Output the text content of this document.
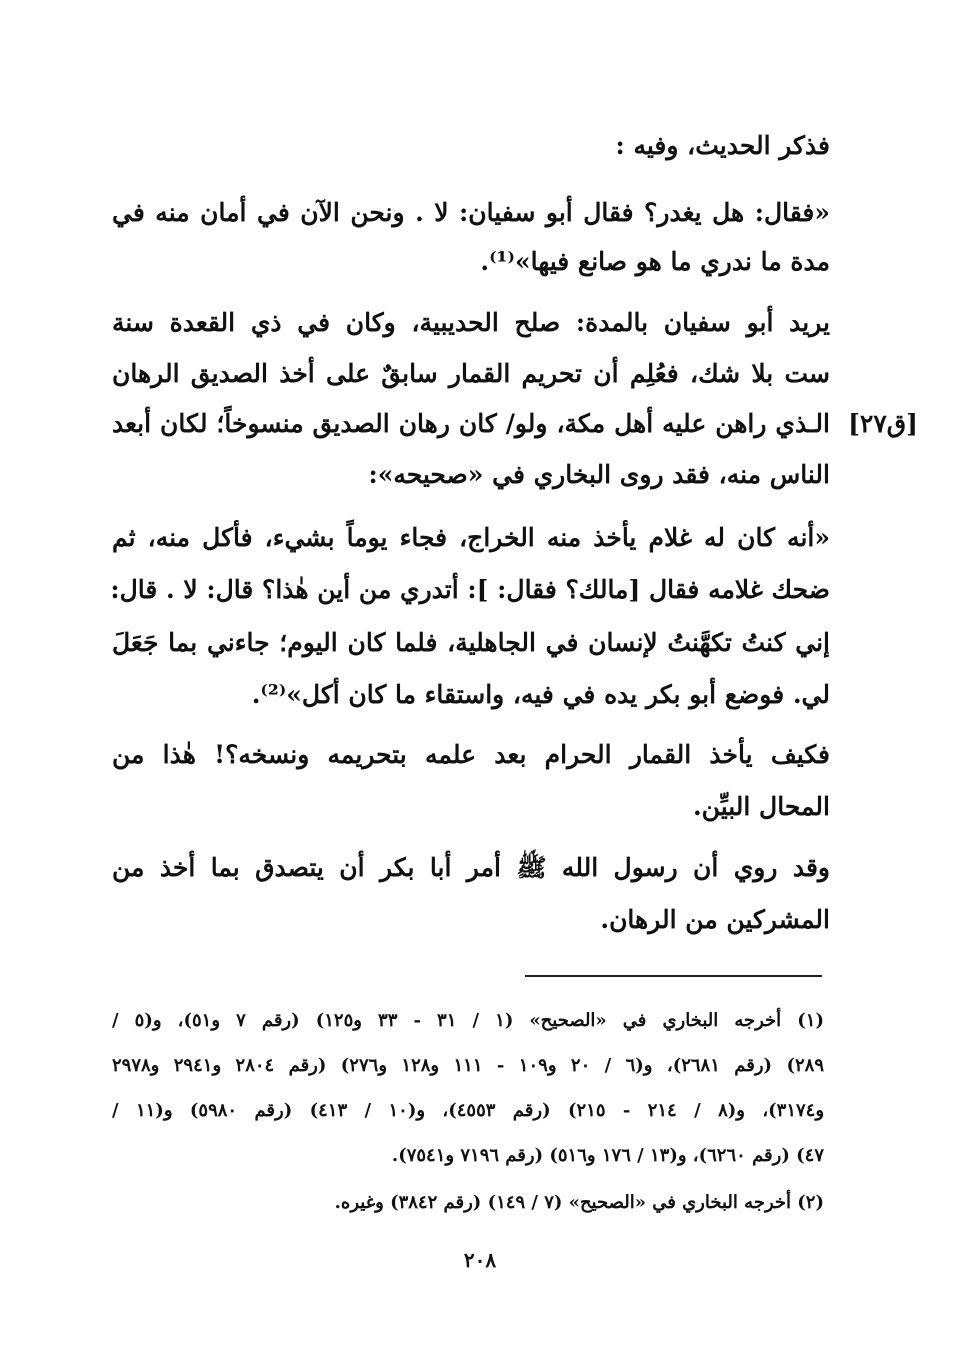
فذكر الحديث، وفيه :
«فقال: هل يغدر؟ فقال أبو سفيان: لا . ونحن الآن في أمان منه في
مدة ما ندري ما هو صانع فيها»⁽¹⁾.
يريد أبو سفيان بالمدة: صلح الحديبية، وكان في ذي القعدة سنة
ست بلا شك، فعُلِم أن تحريم القمار سابقٌ على أخذ الصديق الرهان
الـذي راهن عليه أهل مكة، ولو/ كان رهان الصديق منسوخاً؛ لكان أبعد [ق٢٧]
الناس منه، فقد روى البخاري في «صحيحه»:
«أنه كان له غلام يأخذ منه الخراج، فجاء يوماً بشيء، فأكل منه، ثم
ضحك غلامه فقال [مالك؟ فقال: ]: أتدري من أين هٰذا؟ قال: لا . قال:
إني كنتُ تكهَّنتُ لإنسان في الجاهلية، فلما كان اليوم؛ جاءني بما جَعَلَ
لي. فوضع أبو بكر يده في فيه، واستقاء ما كان أكل»⁽²⁾.
فكيف يأخذ القمار الحرام بعد علمه بتحريمه ونسخه؟! هٰذا من
المحال البيِّن.
وقد روي أن رسول الله ﷺ أمر أبا بكر أن يتصدق بما أخذ من
المشركين من الرهان.
(١) أخرجه البخاري في «الصحيح» (١ / ٣١ - ٣٣ و١٢٥) (رقم ٧ و٥١)، و(٥ /
٢٨٩) (رقم ٢٦٨١)، و(٦ / ٢٠ و١٠٩ - ١١١ و١٢٨ و٢٧٦) (رقم ٢٨٠٤ و٢٩٤١ و٢٩٧٨
و٣١٧٤)، و(٨ / ٢١٤ - ٢١٥) (رقم ٤٥٥٣)، و(١٠ / ٤١٣) (رقم ٥٩٨٠) و(١١ /
٤٧) (رقم ٦٢٦٠)، و(١٣ / ١٧٦ و٥١٦) (رقم ٧١٩٦ و٧٥٤١).
(٢) أخرجه البخاري في «الصحيح» (٧ / ١٤٩) (رقم ٣٨٤٢) وغيره.
٢٠٨
